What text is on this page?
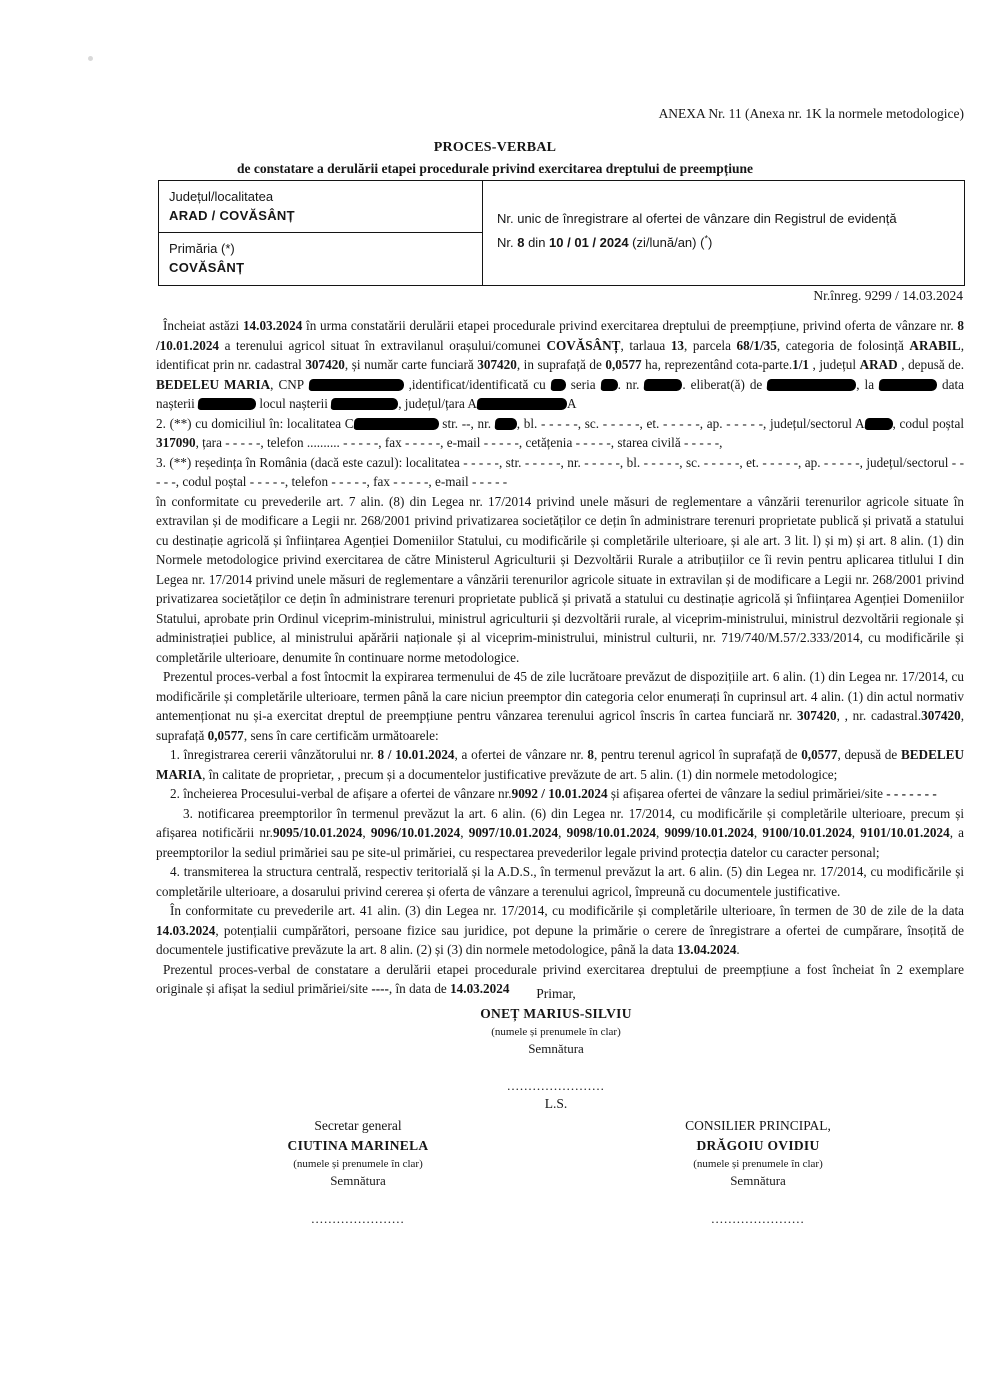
ANEXA Nr. 11 (Anexa nr. 1K la normele metodologice)
PROCES-VERBAL
de constatare a derulării etapei procedurale privind exercitarea dreptului de preempțiune
Județul/localitatea
ARAD / COVĂSÂNȚ
Primăria (*)
COVĂSÂNȚ
Nr. unic de înregistrare al ofertei de vânzare din Registrul de evidență
Nr. 8 din 10 / 01 / 2024 (zi/lună/an) (*)
Nr.înreg. 9299 / 14.03.2024

Încheiat astăzi 14.03.2024 în urma constatării derulării etapei procedurale privind exercitarea dreptului de preempțiune, privind oferta de vânzare nr. 8 /10.01.2024 a terenului agricol situat în extravilanul orașului/comunei COVĂSÂNȚ, tarlaua 13, parcela 68/1/35, categoria de folosință ARABIL, identificat prin nr. cadastral 307420, și număr carte funciară 307420, in suprafață de 0,0577 ha, reprezentând cota-parte.1/1 , județul ARAD , depusă de. BEDELEU MARIA, CNP	,identificat/identificată cu  seria . nr.	. eliberat(ă) de	, la	data nașterii	locul nașterii	, județul/țara A	A

2. (**) cu domiciliul în: localitatea C	str. --, nr. , bl. - - - - -, sc. - - - - -, et. - - - - -, ap. - - - - -, județul/sectorul A , codul poștal 317090, țara - - - - -, telefon .......... - - - - -, fax - - - - -, e-mail - - - - -, cetățenia - - - - -, starea civilă - - - - -,

3. (**) reședința în România (dacă este cazul): localitatea - - - - -, str. - - - - -, nr. - - - - -, bl. - - - - -, sc. - - - - -, et. - - - - -, ap. - - - - -, județul/sectorul - - - - -, codul poștal - - - - -, telefon - - - - -, fax - - - - -, e-mail - - - - -

în conformitate cu prevederile art. 7 alin. (8) din Legea nr. 17/2014 privind unele măsuri de reglementare a vânzării terenurilor agricole situate în extravilan și de modificare a Legii nr. 268/2001 privind privatizarea societăților ce dețin în administrare terenuri proprietate publică și privată a statului cu destinație agricolă și înființarea Agenției Domeniilor Statului, cu modificările și completările ulterioare, și ale art. 3 lit. l) și m) și art. 8 alin. (1) din Normele metodologice privind exercitarea de către Ministerul Agriculturii și Dezvoltării Rurale a atribuțiilor ce îi revin pentru aplicarea titlului I din Legea nr. 17/2014 privind unele măsuri de reglementare a vânzării terenurilor agricole situate in extravilan și de modificare a Legii nr. 268/2001 privind privatizarea societăților ce dețin în administrare terenuri proprietate publică și privată a statului cu destinație agricolă și înființarea Agenției Domeniilor Statului, aprobate prin Ordinul viceprim-ministrului, ministrul agriculturii și dezvoltării rurale, al viceprim-ministrului, ministrul dezvoltării regionale și administrației publice, al ministrului apărării naționale și al viceprim-ministrului, ministrul culturii, nr. 719/740/M.57/2.333/2014, cu modificările și completările ulterioare, denumite în continuare norme metodologice.

Prezentul proces-verbal a fost întocmit la expirarea termenului de 45 de zile lucrătoare prevăzut de dispozițiile art. 6 alin. (1) din Legea nr. 17/2014, cu modificările și completările ulterioare, termen până la care niciun preemptor din categoria celor enumerați în cuprinsul art. 4 alin. (1) din actul normativ antemenționat nu și-a exercitat dreptul de preempțiune pentru vânzarea terenului agricol înscris în cartea funciară nr. 307420, , nr. cadastral.307420, suprafață 0,0577, sens în care certificăm următoarele:

1. înregistrarea cererii vânzătorului nr. 8 / 10.01.2024, a ofertei de vânzare nr. 8, pentru terenul agricol în suprafață de 0,0577, depusă de BEDELEU MARIA, în calitate de proprietar, , precum și a documentelor justificative prevăzute de art. 5 alin. (1) din normele metodologice;

2. încheierea Procesului-verbal de afișare a ofertei de vânzare nr.9092 / 10.01.2024 și afișarea ofertei de vânzare la sediul primăriei/site - - - - - - -

3. notificarea preemptorilor în termenul prevăzut la art. 6 alin. (6) din Legea nr. 17/2014, cu modificările și completările ulterioare, precum și afișarea notificării nr.9095/10.01.2024, 9096/10.01.2024, 9097/10.01.2024, 9098/10.01.2024, 9099/10.01.2024, 9100/10.01.2024, 9101/10.01.2024, a preemptorilor la sediul primăriei sau pe site-ul primăriei, cu respectarea prevederilor legale privind protecția datelor cu caracter personal;

4. transmiterea la structura centrală, respectiv teritorială și la A.D.S., în termenul prevăzut la art. 6 alin. (5) din Legea nr. 17/2014, cu modificările și completările ulterioare, a dosarului privind cererea și oferta de vânzare a terenului agricol, împreună cu documentele justificative.

În conformitate cu prevederile art. 41 alin. (3) din Legea nr. 17/2014, cu modificările și completările ulterioare, în termen de 30 de zile de la data 14.03.2024, potențialii cumpărători, persoane fizice sau juridice, pot depune la primărie o cerere de înregistrare a ofertei de cumpărare, însoțită de documentele justificative prevăzute la art. 8 alin. (2) și (3) din normele metodologice, până la data 13.04.2024.

Prezentul proces-verbal de constatare a derulării etapei procedurale privind exercitarea dreptului de preempțiune a fost încheiat în 2 exemplare originale și afișat la sediul primăriei/site ----, în data de 14.03.2024	Primar,
ONEȚ MARIUS-SILVIU
(numele și prenumele în clar)
Semnătura
.......................
L.S.
Secretar general
CIUTINA MARINELA
(numele și prenumele în clar)
Semnătura
......................
CONSILIER PRINCIPAL,
DRĂGOIU OVIDIU
(numele și prenumele în clar)
Semnătura
......................
